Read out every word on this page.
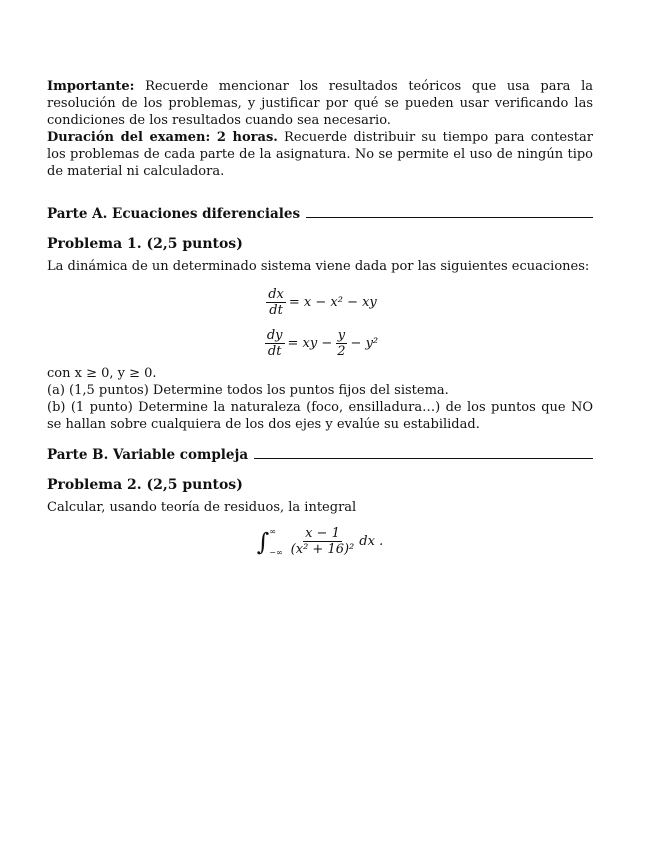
Importante: Recuerde mencionar los resultados teóricos que usa para la resolución de los problemas, y justificar por qué se pueden usar verificando las condiciones de los resultados cuando sea necesario.

Duración del examen: 2 horas. Recuerde distribuir su tiempo para contestar los problemas de cada parte de la asignatura. No se permite el uso de ningún tipo de material ni calculadora.

Parte A. Ecuaciones diferenciales
Problema 1. (2,5 puntos)

La dinámica de un determinado sistema viene dada por las siguientes ecuaciones:

$\frac{dx}{dt} = x - x^2$ − xy
$\frac{dy}{dt}$ = xy − $\frac{y}{2} - y^2$

con x ≥ 0, y ≥ 0.

(a) (1,5 puntos) Determine todos los puntos fijos del sistema.

(b) (1 punto) Determine la naturaleza (foco, ensilladura…) de los puntos que NO se hallan sobre cualquiera de los dos ejes y evalúe su estabilidad.

Parte B. Variable compleja
Problema 2. (2,5 puntos)

Calcular, usando teoría de residuos, la integral

∫ ∞
−∞ $\frac{x - 1}{\text{(x² + 16)²}}$ dx .
